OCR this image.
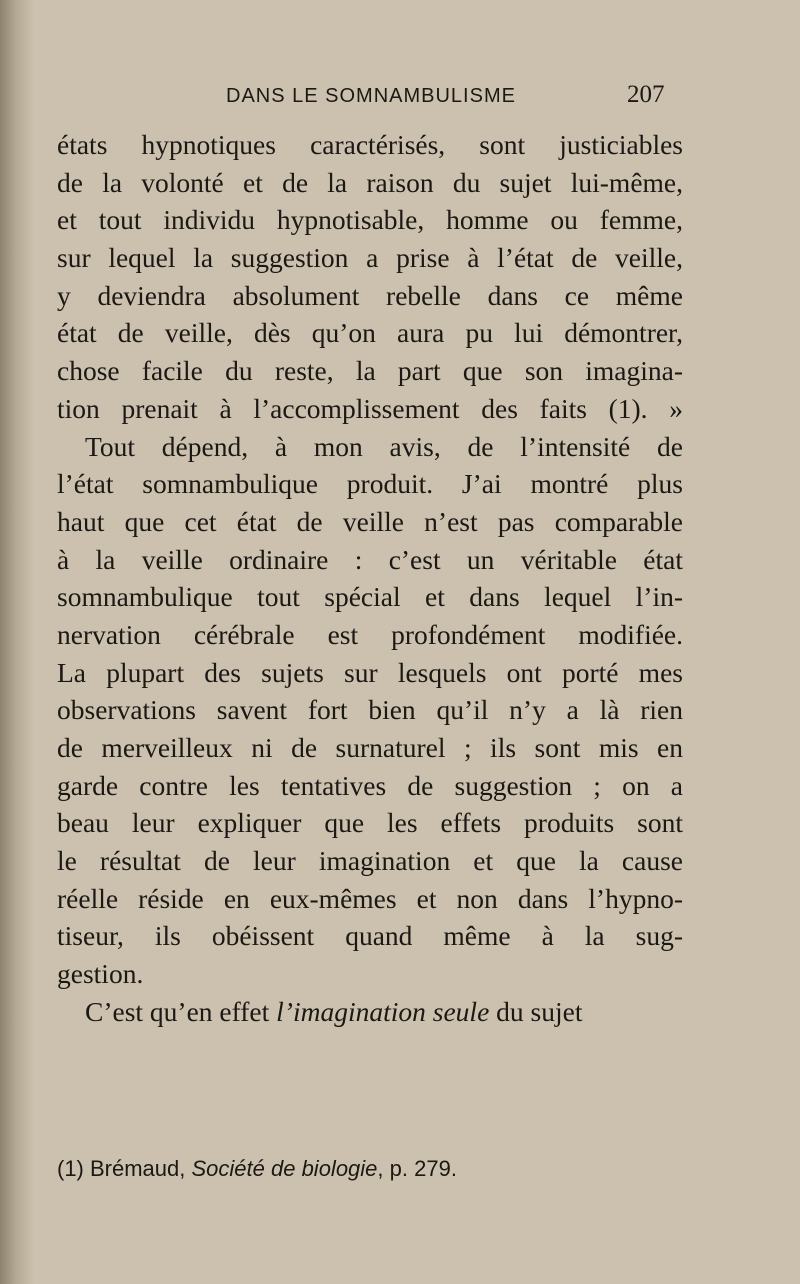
DANS LE SOMNAMBULISME	207
états hypnotiques caractérisés, sont justiciables
de la volonté et de la raison du sujet lui-même,
et tout individu hypnotisable, homme ou femme,
sur lequel la suggestion a prise à l’état de veille,
y deviendra absolument rebelle dans ce même
état de veille, dès qu’on aura pu lui démontrer,
chose facile du reste, la part que son imagina-
tion prenait à l’accomplissement des faits (1). »
Tout dépend, à mon avis, de l’intensité de
l’état somnambulique produit. J’ai montré plus
haut que cet état de veille n’est pas comparable
à la veille ordinaire : c’est un véritable état
somnambulique tout spécial et dans lequel l’in-
nervation cérébrale est profondément modifiée.
La plupart des sujets sur lesquels ont porté mes
observations savent fort bien qu’il n’y a là rien
de merveilleux ni de surnaturel ; ils sont mis en
garde contre les tentatives de suggestion ; on a
beau leur expliquer que les effets produits sont
le résultat de leur imagination et que la cause
réelle réside en eux-mêmes et non dans l’hypno-
tiseur, ils obéissent quand même à la sug-
gestion.
C’est qu’en effet l’imagination seule du sujet
(1) Brémaud, Société de biologie, p. 279.
